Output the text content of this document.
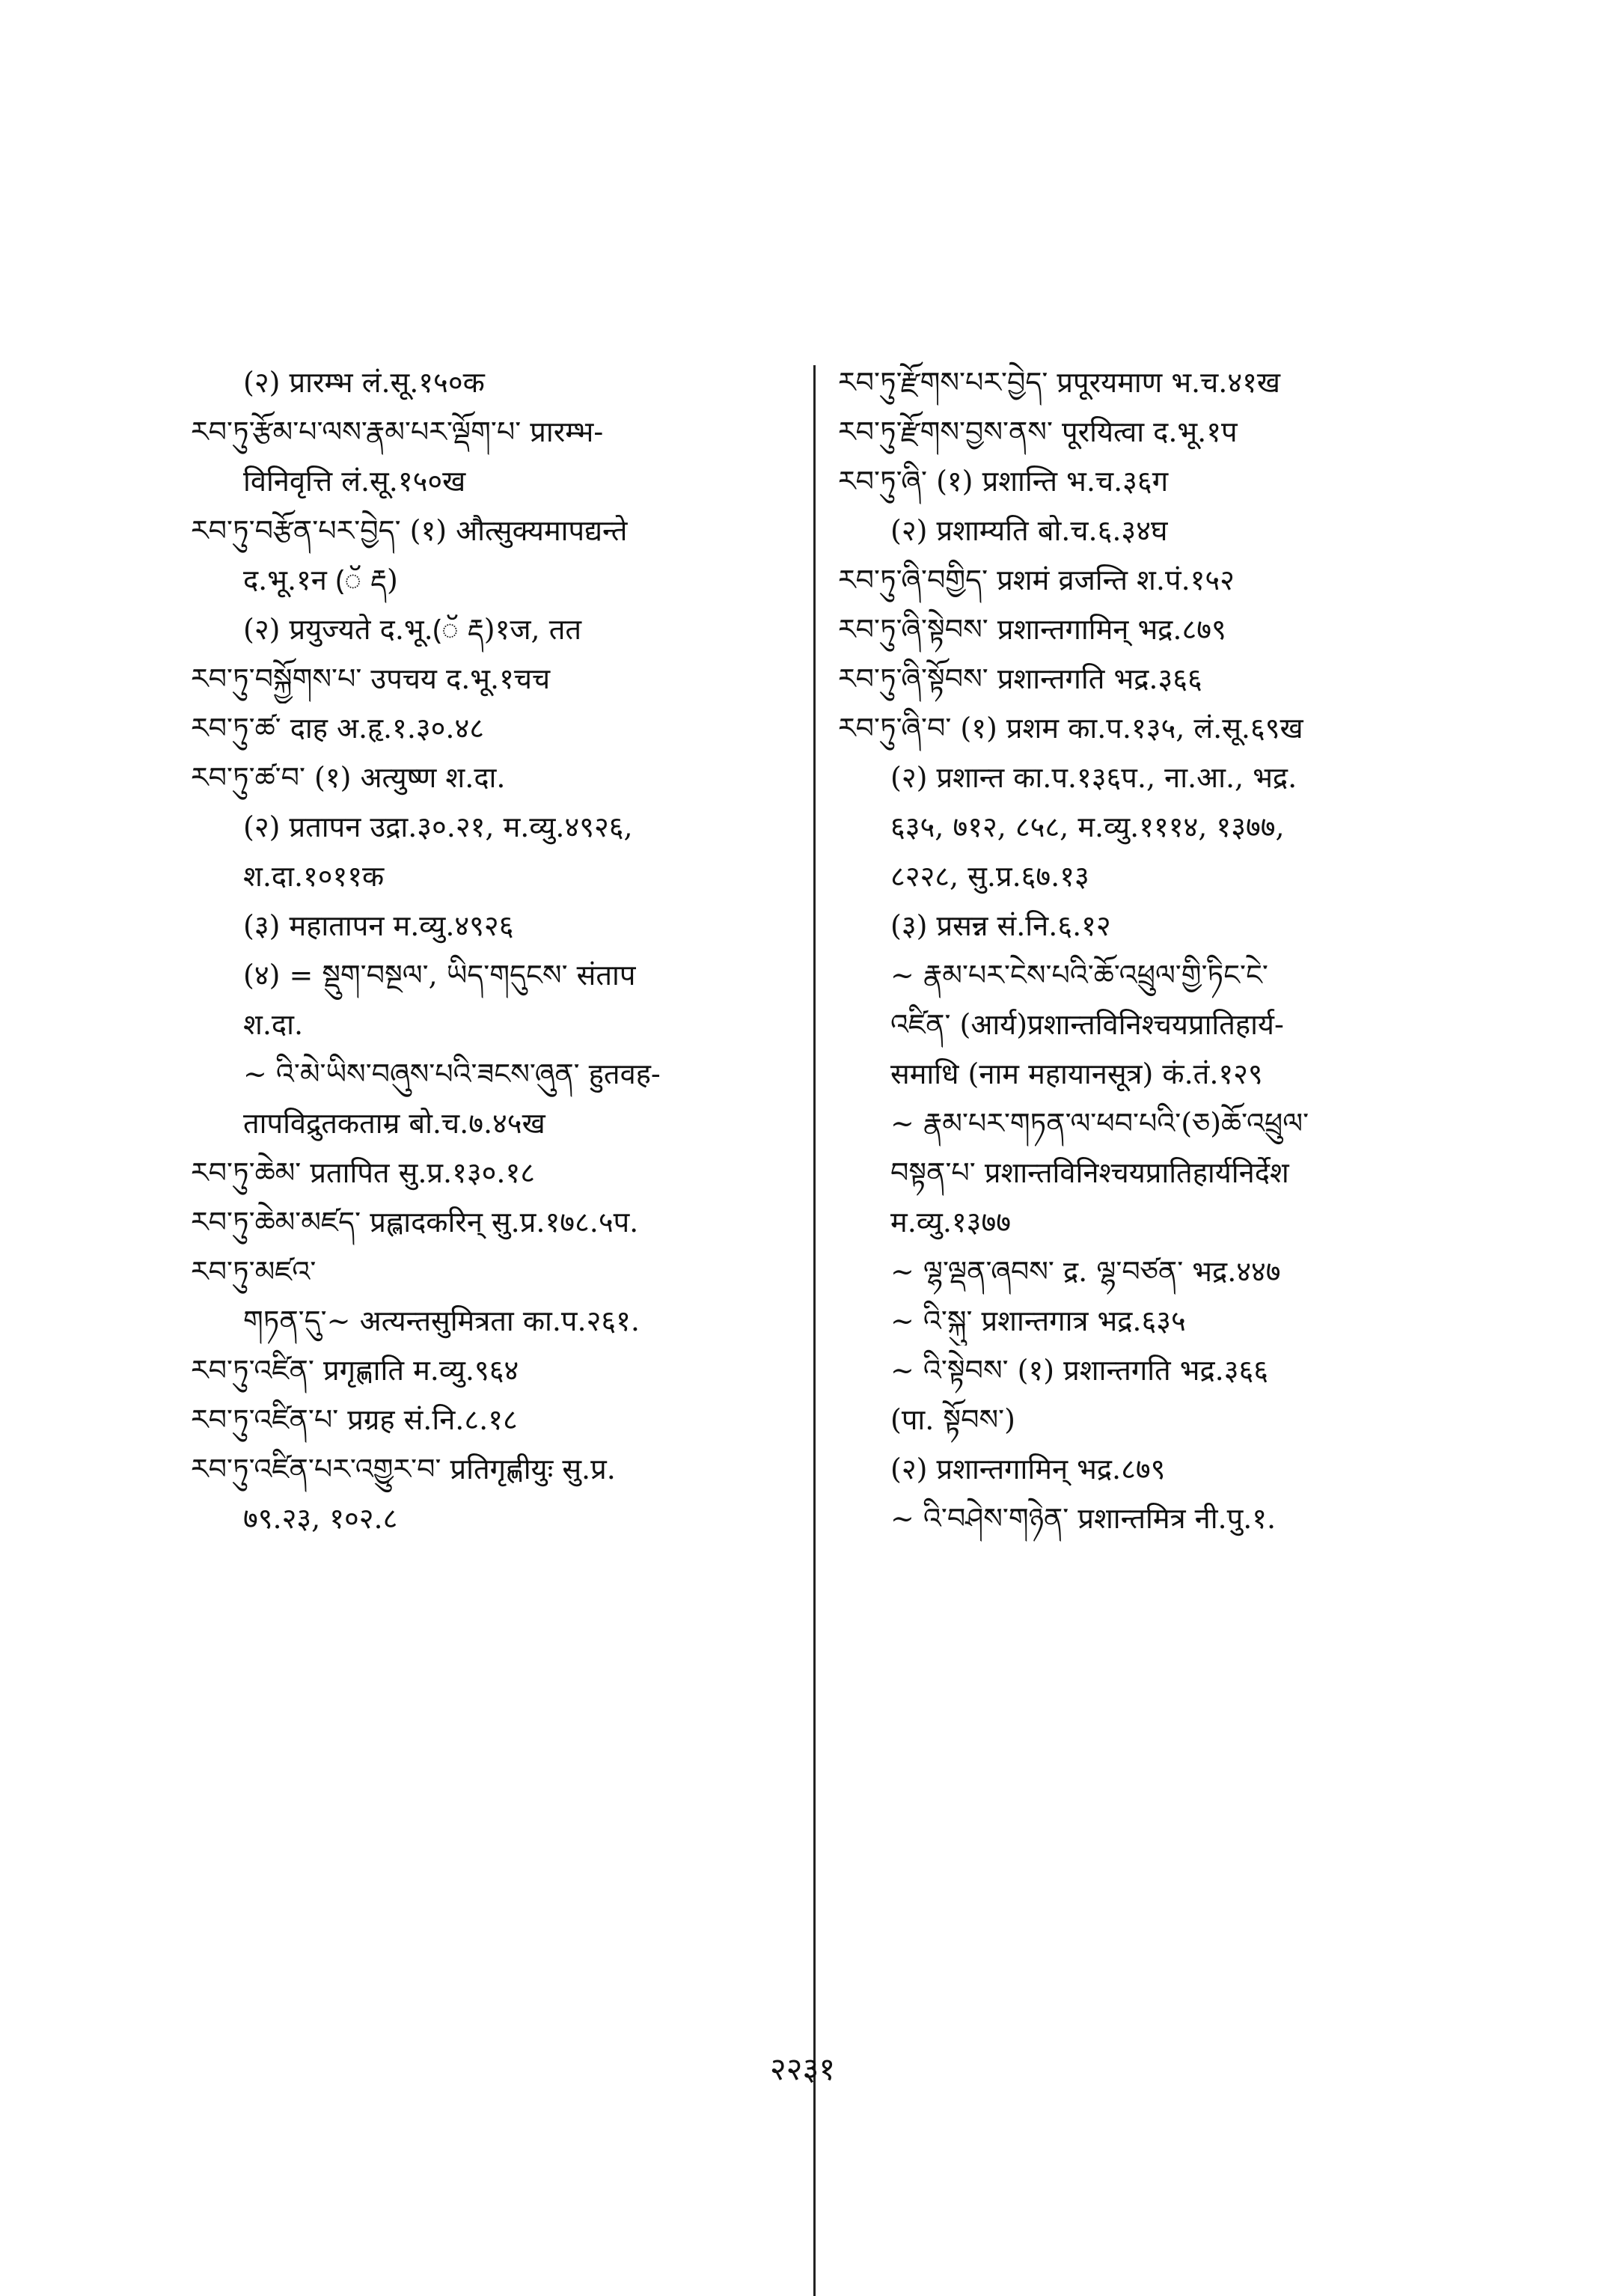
(२) प्रारम्भ लं.सू.१५०क
རབ་ཏུ་རྩོམ་པ་ལས་རྣམ་པར་ལྡོག་པ་ प्रारम्भ-
विनिवृत्ति लं.सू.१५०ख
རབ་ཏུ་བརྩོན་པར་བྱེད་ (१) औत्सुक्यमापद्यन्ते
द.भू.१न (ॅ རྡ)
(२) प्रयुज्यते द.भू.(ॅ རྡ)१ज, तत
རབ་ཏུ་བསྐྱོགས་པ་ उपचय द.भू.१चच
རབ་ཏུ་ཚ་ दाह अ.हृ.१.३०.४८
རབ་ཏུ་ཚ་བ་ (१) अत्युष्ण श.दा.
(२) प्रतापन उद्रा.३०.२१, म.व्यु.४९२६,
श.दा.१०११क
(३) महातापन म.व्यु.४९२६
(४) = སྡུག་བསྔལ་, ཡིད་གདུངས་ संताप
श.दा.
~ འི་མེ་ཡིས་བཞུས་པའི་ཟངས་ཞུན་ हुतवह-
तापविद्रुतकताम्र बो.च.७.४५ख
རབ་ཏུ་ཆེམ་ प्रतापित सु.प्र.१३०.१८
རབ་ཏུ་ཆེམ་མཛད་ प्रह्लादकरिन् सु.प्र.१७८.५प.
རབ་ཏུ་མཛའ་
གཏན་དུ་~ अत्यन्तसुमित्रता का.प.२६१.
རབ་ཏུ་འཛིན་ प्रगृह्णाति म.व्यु.९६४
རབ་ཏུ་འཛིན་པ་ प्रग्रह सं.नि.८.१८
རབ་ཏུ་འཛིན་པར་འགྱུར་བ་ प्रतिगृह्णीयुः सु.प्र.
७९.२३, १०२.८
རབ་ཏུ་རྫོགས་པར་བྱེད་ प्रपूरयमाण भ.च.४१ख
རབ་ཏུ་རྫོགས་བྱས་ནས་ पूरयित्वा द.भू.१प
རབ་ཏུ་ཞི་ (१) प्रशान्ति भ.च.३६ग
(२) प्रशाम्यति बो.च.६.३४घ
རབ་ཏུ་ཞི་བགྱིད་ प्रशमं व्रजन्ति श.पं.१५२
རབ་ཏུ་ཞི་སྟེབས་ प्रशान्तगामिन् भद्र.८७९
རབ་ཏུ་ཞི་སྟོབས་ प्रशान्तगति भद्र.३६६
རབ་ཏུ་ཞི་བ་ (१) प्रशम का.प.१३५, लं.सू.६९ख
(२) प्रशान्त का.प.१३६प., ना.आ., भद्र.
६३५, ७१२, ८५८, म.व्यु.१११४, १३७७,
८२२८, सु.प्र.६७.१३
(३) प्रसन्न सं.नि.६.१२
~ རྣམ་པར་ངེས་པའི་ཆོ་འཕྲུལ་གྱི་ཏིང་ངེ་
འཛིན་ (आर्य)प्रशान्तविनिश्चयप्रातिहार्य-
समाधि (नाम महायानसूत्र) कं.तं.१२९
~ རྣམ་པར་གཏན་ལ་ཕབ་པའི་(ཅ)ཆོ་འཕྲུལ་
བསྟན་པ་ प्रशान्तविनिश्चयप्रातिहार्यनिर्देश
म.व्यु.१३७७
~ ལྷ་ལྡན་ཞབས་ द्र. ལྷ་བཙན་ भद्र.४४७
~ འི་སྐུ་ प्रशान्तगात्र भद्र.६३५
~ འི་སྟེབས་ (१) प्रशान्तगति भद्र.३६६
(पा. སྟོབས་)
(२) प्रशान्तगामिन् भद्र.८७९
~ འི་བཤེས་གཉེན་ प्रशान्तमित्र नी.पु.१.
२२३१
